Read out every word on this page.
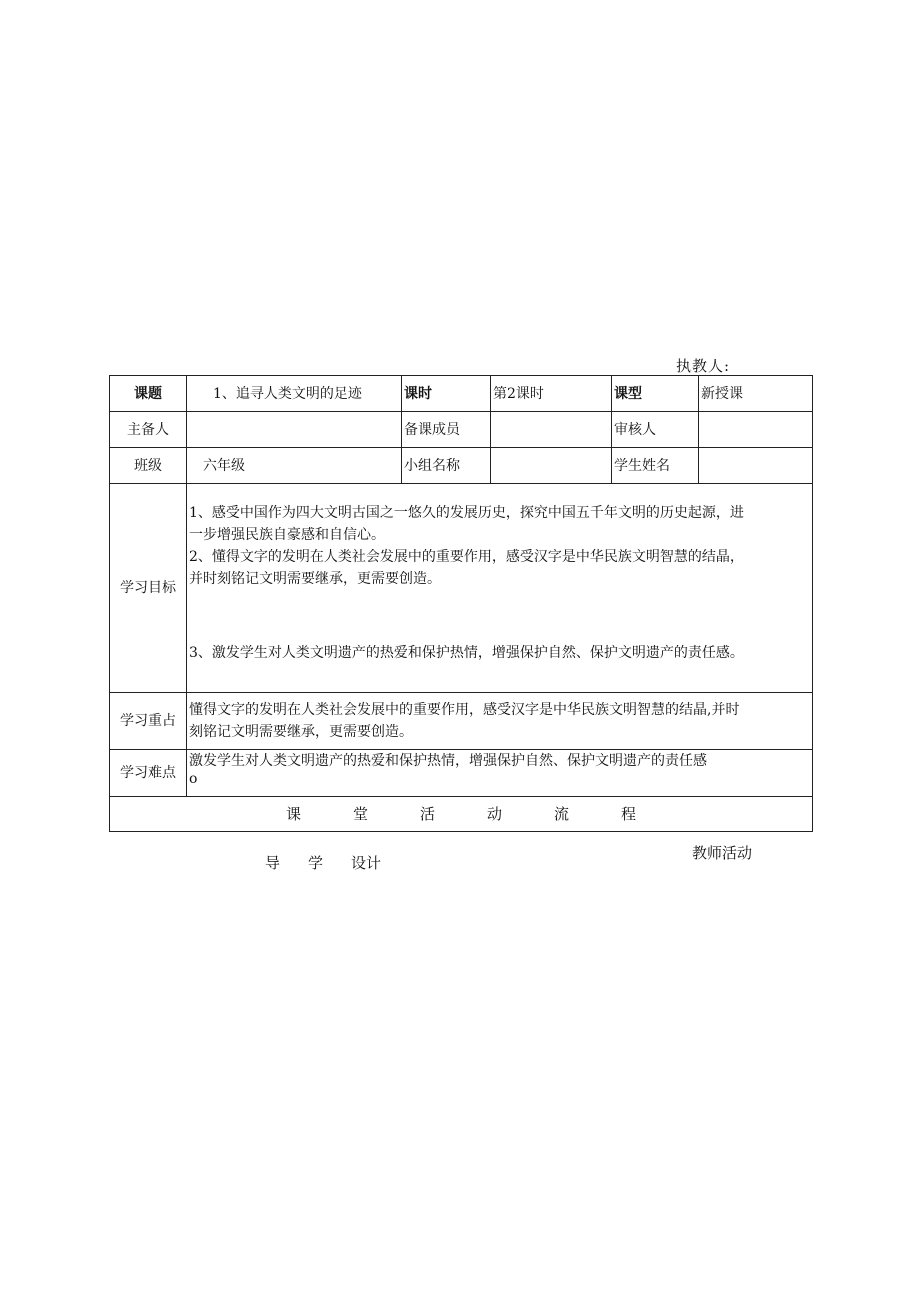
执教人:
课题	1、追寻人类文明的足迹	课时	第2课时	课型	新授课
主备人		备课成员		审核人	
班级	六年级	小组名称		学生姓名	
学习目标	1、感受中国作为四大文明古国之一悠久的发展历史，探究中国五千年文明的历史起源，进
一步增强民族自豪感和自信心。
2、懂得文字的发明在人类社会发展中的重要作用，感受汉字是中华民族文明智慧的结晶，
并时刻铭记文明需要继承，更需要创造。
3、激发学生对人类文明遗产的热爱和保护热情，增强保护自然、保护文明遗产的责任感。				

学习重占	懂得文字的发明在人类社会发展中的重要作用，感受汉字是中华民族文明智慧的结晶,并时
刻铭记文明需要继承，更需要创造。				

学习难点	激发学生对人类文明遗产的热爱和保护热情，增强保护自然、保护文明遗产的责任感
o				

课 堂 活 动 流 程					
导 学 设计
教师活动
